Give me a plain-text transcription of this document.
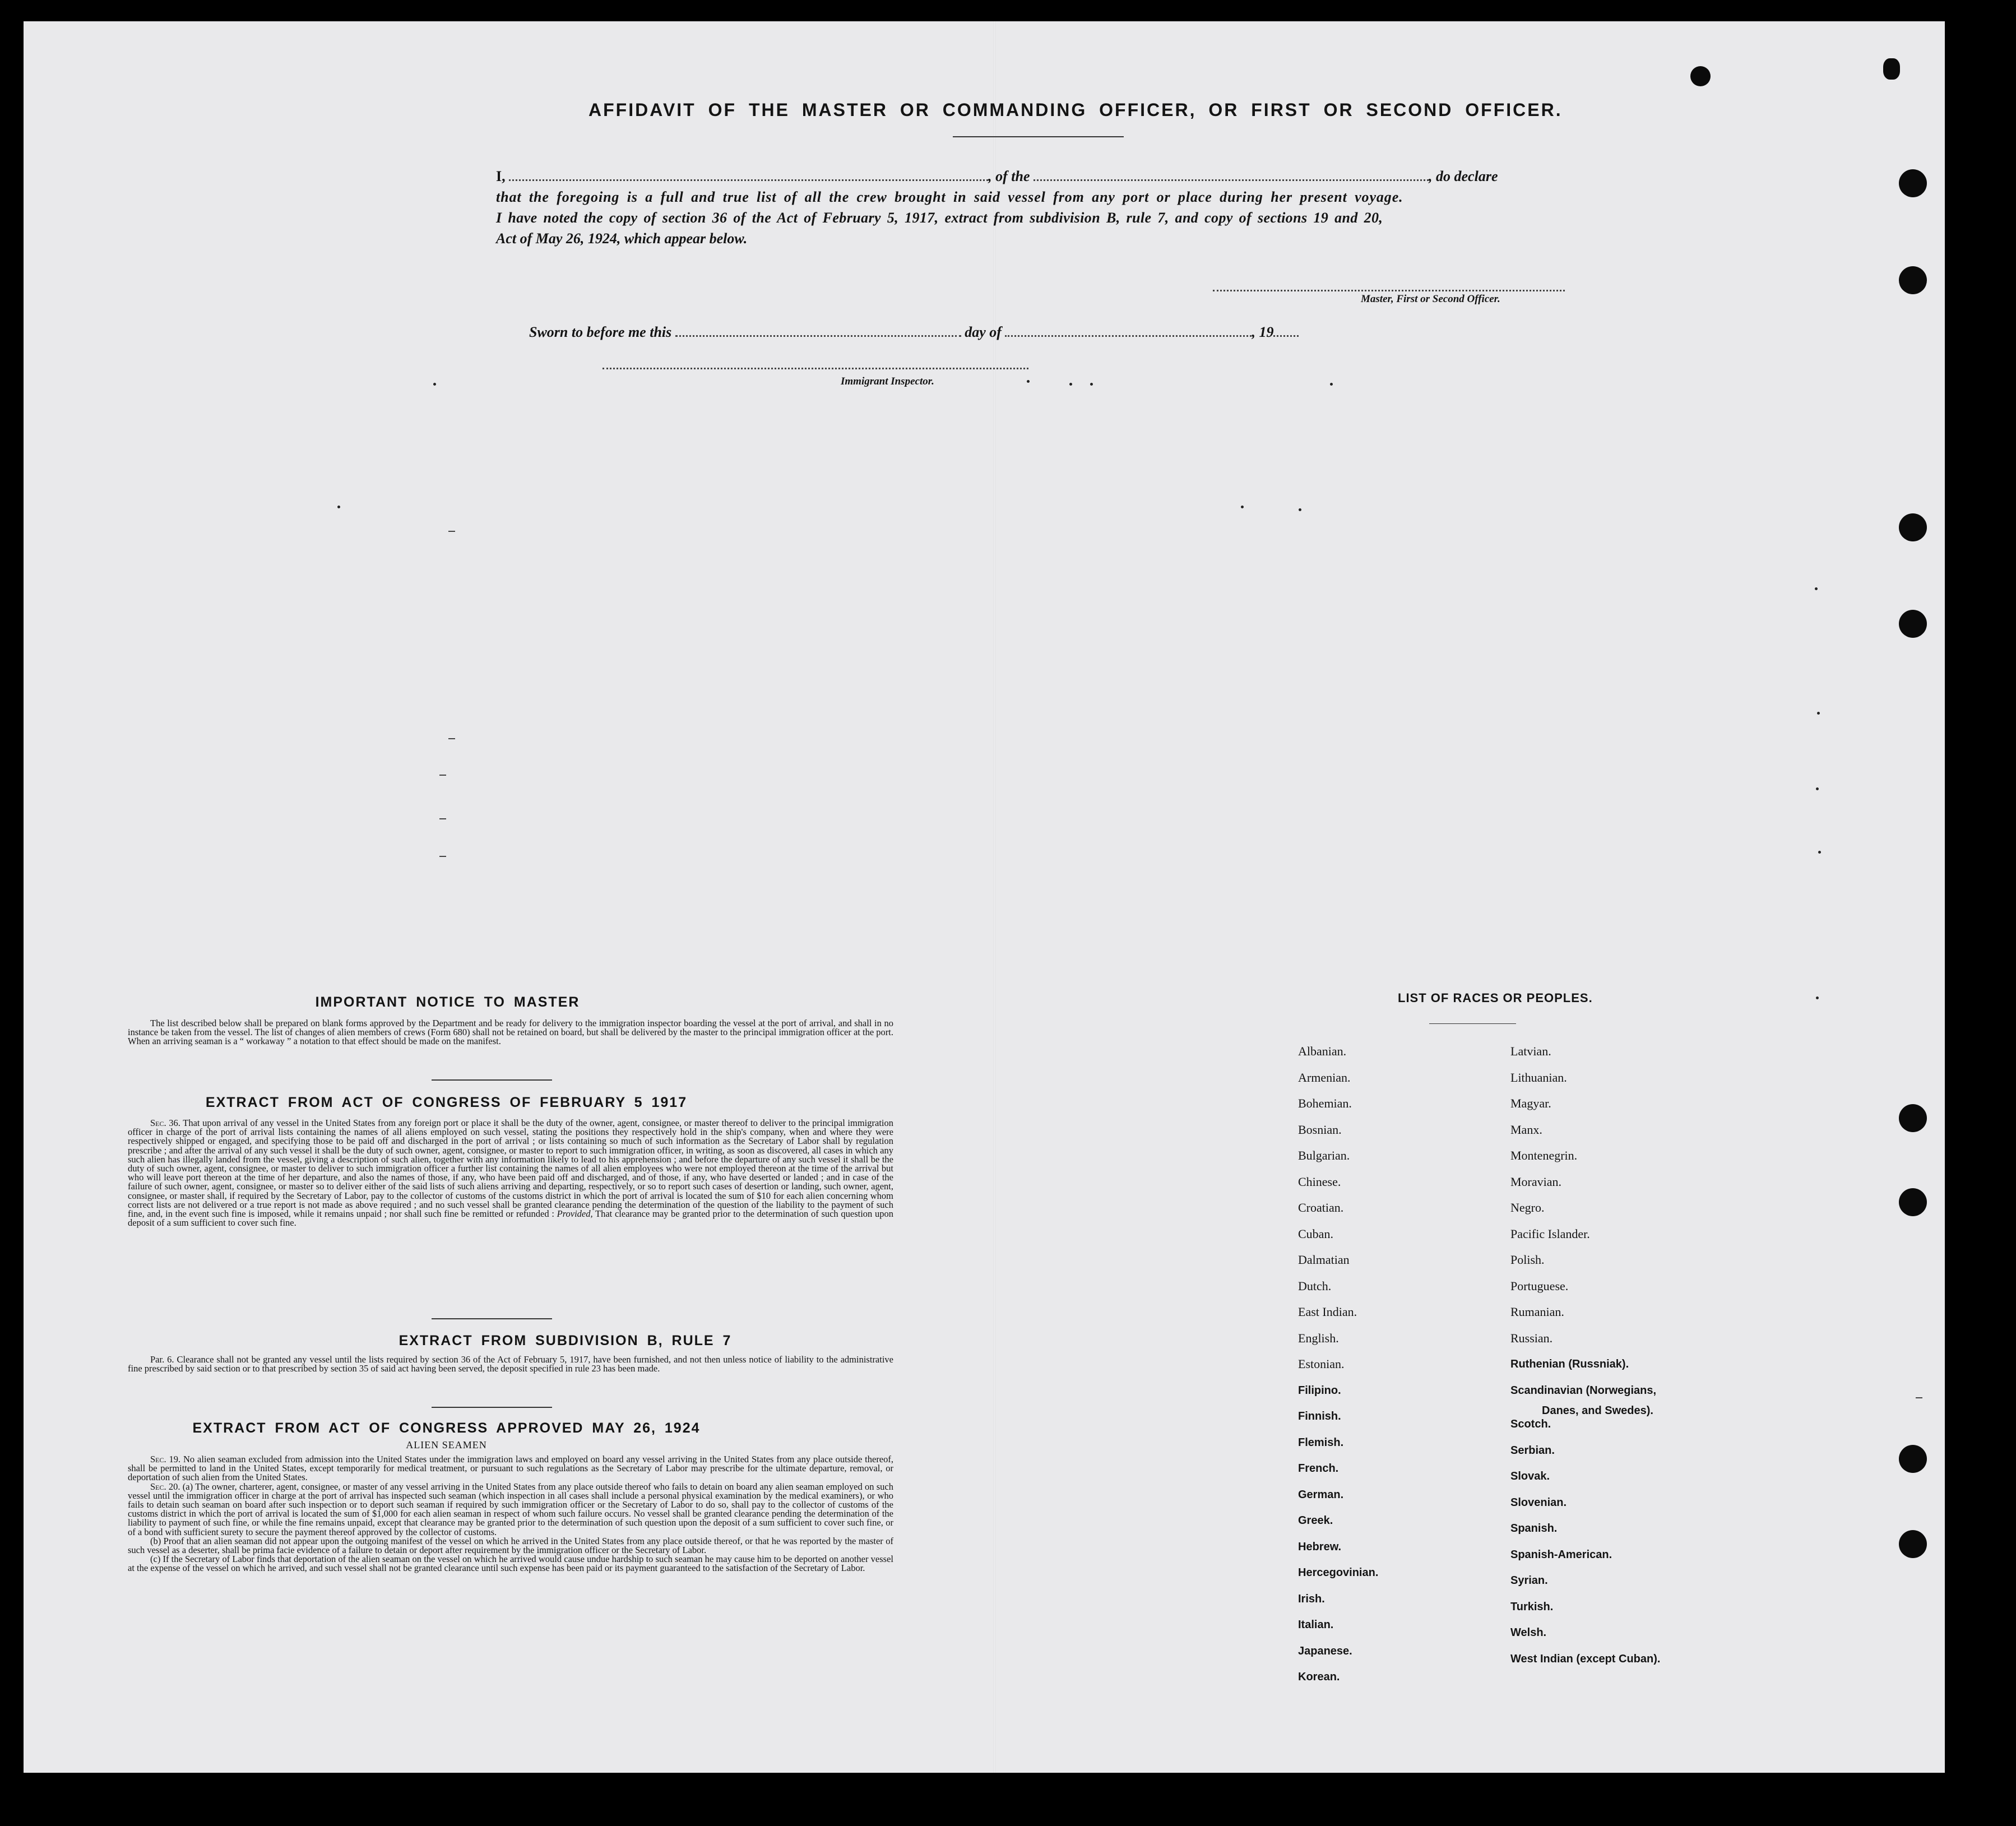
AFFIDAVIT OF THE MASTER OR COMMANDING OFFICER, OR FIRST OR SECOND OFFICER.
I,	, of the	, do declare
that the foregoing is a full and true list of all the crew brought in said vessel from any port or place during her present voyage.
I have noted the copy of section 36 of the Act of February 5, 1917, extract from subdivision B, rule 7, and copy of sections 19 and 20,
Act of May 26, 1924, which appear below.
Master, First or Second Officer.
Sworn to before me this	day of	, 19
Immigrant Inspector.
IMPORTANT NOTICE TO MASTER

The list described below shall be prepared on blank forms approved by the Department and be ready for delivery to the immigration inspector boarding the vessel at the port of arrival, and shall in no instance be taken from the vessel. The list of changes of alien members of crews (Form 680) shall not be retained on board, but shall be delivered by the master to the principal immigration officer at the port. When an arriving seaman is a “ workaway ” a notation to that effect should be made on the manifest.

EXTRACT FROM ACT OF CONGRESS OF FEBRUARY 5 1917

Sec. 36. That upon arrival of any vessel in the United States from any foreign port or place it shall be the duty of the owner, agent, consignee, or master thereof to deliver to the principal immigration officer in charge of the port of arrival lists containing the names of all aliens employed on such vessel, stating the positions they respectively hold in the ship's company, when and where they were respectively shipped or engaged, and specifying those to be paid off and discharged in the port of arrival ; or lists containing so much of such information as the Secretary of Labor shall by regulation prescribe ; and after the arrival of any such vessel it shall be the duty of such owner, agent, consignee, or master to report to such immigration officer, in writing, as soon as discovered, all cases in which any such alien has illegally landed from the vessel, giving a description of such alien, together with any information likely to lead to his apprehension ; and before the departure of any such vessel it shall be the duty of such owner, agent, consignee, or master to deliver to such immigration officer a further list containing the names of all alien employees who were not employed thereon at the time of the arrival but who will leave port thereon at the time of her departure, and also the names of those, if any, who have been paid off and discharged, and of those, if any, who have deserted or landed ; and in case of the failure of such owner, agent, consignee, or master so to deliver either of the said lists of such aliens arriving and departing, respectively, or so to report such cases of desertion or landing, such owner, agent, consignee, or master shall, if required by the Secretary of Labor, pay to the collector of customs of the customs district in which the port of arrival is located the sum of $10 for each alien concerning whom correct lists are not delivered or a true report is not made as above required ; and no such vessel shall be granted clearance pending the determination of the question of the liability to the payment of such fine, and, in the event such fine is imposed, while it remains unpaid ; nor shall such fine be remitted or refunded : Provided, That clearance may be granted prior to the determination of such question upon deposit of a sum sufficient to cover such fine.

EXTRACT FROM SUBDIVISION B, RULE 7

Par. 6. Clearance shall not be granted any vessel until the lists required by section 36 of the Act of February 5, 1917, have been furnished, and not then unless notice of liability to the administrative fine prescribed by said section or to that prescribed by section 35 of said act having been served, the deposit specified in rule 23 has been made.

EXTRACT FROM ACT OF CONGRESS APPROVED MAY 26, 1924
ALIEN SEAMEN

Sec. 19. No alien seaman excluded from admission into the United States under the immigration laws and employed on board any vessel arriving in the United States from any place outside thereof, shall be permitted to land in the United States, except temporarily for medical treatment, or pursuant to such regulations as the Secretary of Labor may prescribe for the ultimate departure, removal, or deportation of such alien from the United States.

Sec. 20. (a) The owner, charterer, agent, consignee, or master of any vessel arriving in the United States from any place outside thereof who fails to detain on board any alien seaman employed on such vessel until the immigration officer in charge at the port of arrival has inspected such seaman (which inspection in all cases shall include a personal physical examination by the medical examiners), or who fails to detain such seaman on board after such inspection or to deport such seaman if required by such immigration officer or the Secretary of Labor to do so, shall pay to the collector of customs of the customs district in which the port of arrival is located the sum of $1,000 for each alien seaman in respect of whom such failure occurs. No vessel shall be granted clearance pending the determination of the liability to payment of such fine, or while the fine remains unpaid, except that clearance may be granted prior to the determination of such question upon the deposit of a sum sufficient to cover such fine, or of a bond with sufficient surety to secure the payment thereof approved by the collector of customs.

(b) Proof that an alien seaman did not appear upon the outgoing manifest of the vessel on which he arrived in the United States from any place outside thereof, or that he was reported by the master of such vessel as a deserter, shall be prima facie evidence of a failure to detain or deport after requirement by the immigration officer or the Secretary of Labor.

(c) If the Secretary of Labor finds that deportation of the alien seaman on the vessel on which he arrived would cause undue hardship to such seaman he may cause him to be deported on another vessel at the expense of the vessel on which he arrived, and such vessel shall not be granted clearance until such expense has been paid or its payment guaranteed to the satisfaction of the Secretary of Labor.

LIST OF RACES OR PEOPLES.
Albanian.
Armenian.
Bohemian.
Bosnian.
Bulgarian.
Chinese.
Croatian.
Cuban.
Dalmatian
Dutch.
East Indian.
English.
Estonian.
Filipino.
Finnish.
Flemish.
French.
German.
Greek.
Hebrew.
Hercegovinian.
Irish.
Italian.
Japanese.
Korean.
Latvian.
Lithuanian.
Magyar.
Manx.
Montenegrin.
Moravian.
Negro.
Pacific Islander.
Polish.
Portuguese.
Rumanian.
Russian.
Ruthenian (Russniak).
Scandinavian (Norwegians,
Danes, and Swedes).
Scotch.
Serbian.
Slovak.
Slovenian.
Spanish.
Spanish-American.
Syrian.
Turkish.
Welsh.
West Indian (except Cuban).
